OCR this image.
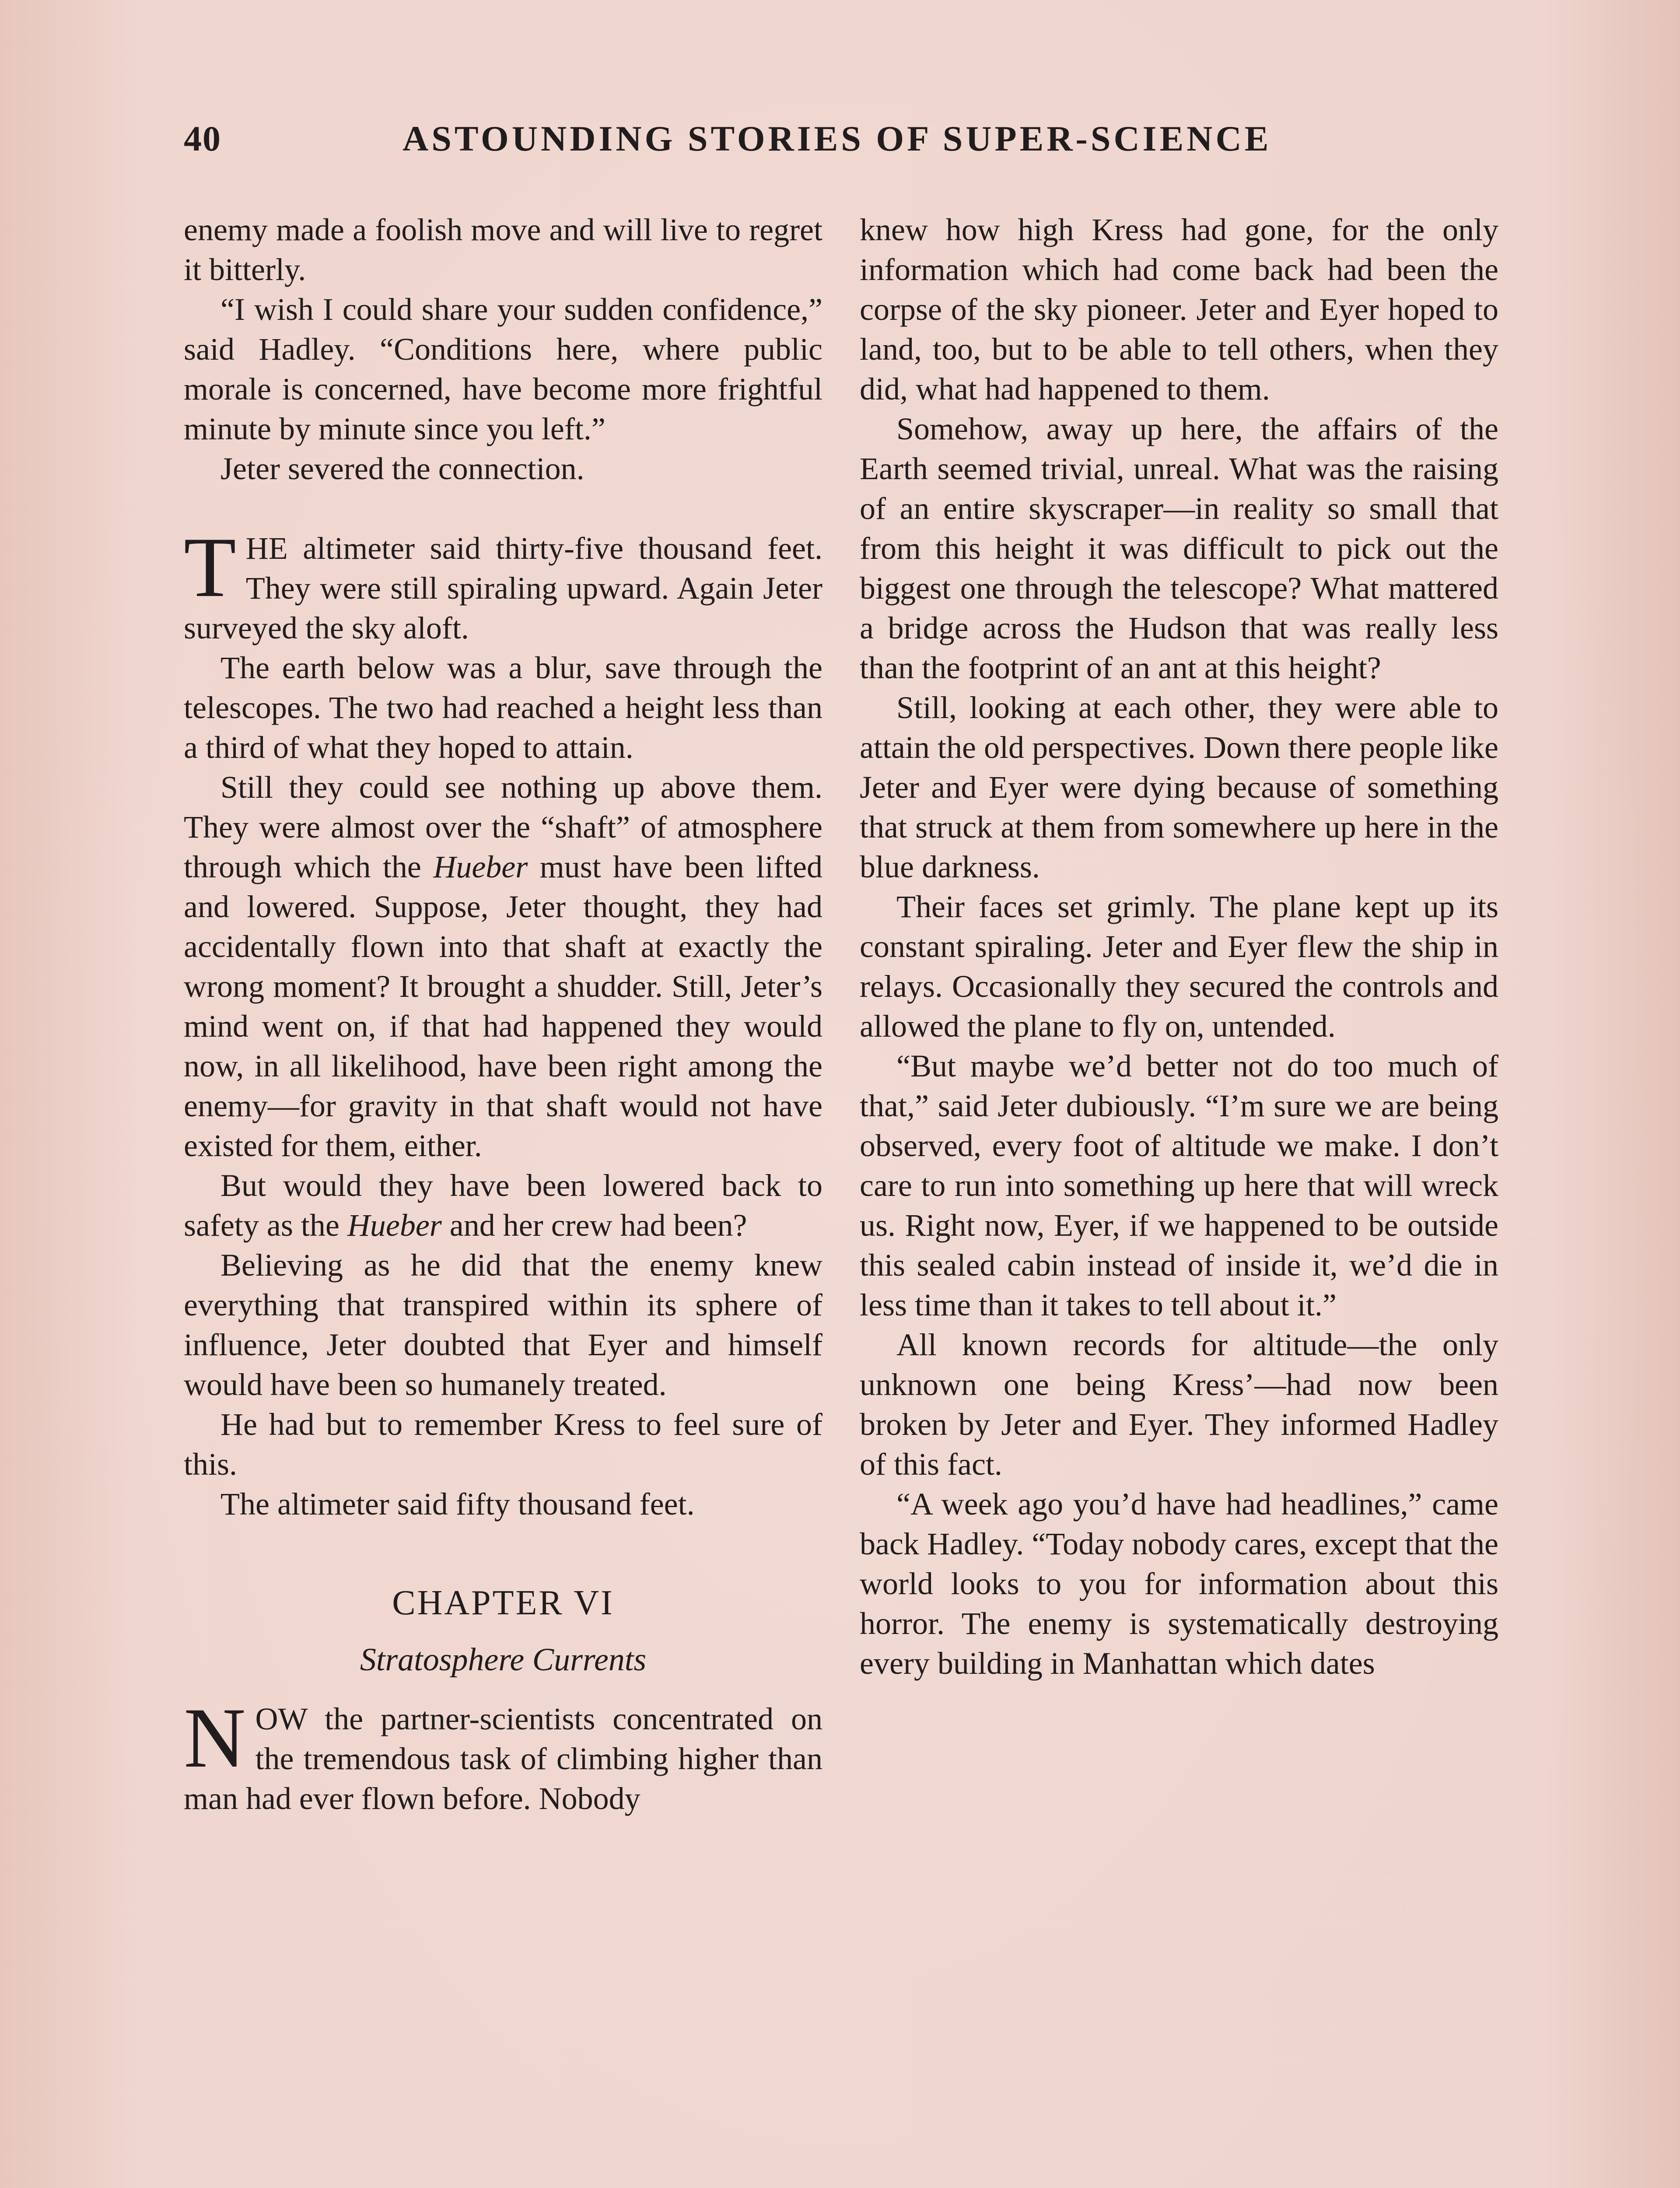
40	ASTOUNDING STORIES OF SUPER-SCIENCE

enemy made a foolish move and will live to regret it bitterly.

“I wish I could share your sudden confidence,” said Hadley. “Conditions here, where public morale is concerned, have become more frightful minute by minute since you left.”

Jeter severed the connection.

THE altimeter said thirty-five thousand feet. They were still spiraling upward. Again Jeter surveyed the sky aloft.

The earth below was a blur, save through the telescopes. The two had reached a height less than a third of what they hoped to attain.

Still they could see nothing up above them. They were almost over the “shaft” of atmosphere through which the Hueber must have been lifted and lowered. Suppose, Jeter thought, they had accidentally flown into that shaft at exactly the wrong moment? It brought a shudder. Still, Jeter’s mind went on, if that had happened they would now, in all likelihood, have been right among the enemy—for gravity in that shaft would not have existed for them, either.

But would they have been lowered back to safety as the Hueber and her crew had been?

Believing as he did that the enemy knew everything that transpired within its sphere of influence, Jeter doubted that Eyer and himself would have been so humanely treated.

He had but to remember Kress to feel sure of this.

The altimeter said fifty thousand feet.

CHAPTER VI
Stratosphere Currents

NOW the partner-scientists concentrated on the tremendous task of climbing higher than man had ever flown before. Nobody

knew how high Kress had gone, for the only information which had come back had been the corpse of the sky pioneer. Jeter and Eyer hoped to land, too, but to be able to tell others, when they did, what had happened to them.

Somehow, away up here, the affairs of the Earth seemed trivial, unreal. What was the raising of an entire skyscraper—in reality so small that from this height it was difficult to pick out the biggest one through the telescope? What mattered a bridge across the Hudson that was really less than the footprint of an ant at this height?

Still, looking at each other, they were able to attain the old perspectives. Down there people like Jeter and Eyer were dying because of something that struck at them from somewhere up here in the blue darkness.

Their faces set grimly. The plane kept up its constant spiraling. Jeter and Eyer flew the ship in relays. Occasionally they secured the controls and allowed the plane to fly on, untended.

“But maybe we’d better not do too much of that,” said Jeter dubiously. “I’m sure we are being observed, every foot of altitude we make. I don’t care to run into something up here that will wreck us. Right now, Eyer, if we happened to be outside this sealed cabin instead of inside it, we’d die in less time than it takes to tell about it.”

All known records for altitude—the only unknown one being Kress’—had now been broken by Jeter and Eyer. They informed Hadley of this fact.

“A week ago you’d have had headlines,” came back Hadley. “Today nobody cares, except that the world looks to you for information about this horror. The enemy is systematically destroying every building in Manhattan which dates
